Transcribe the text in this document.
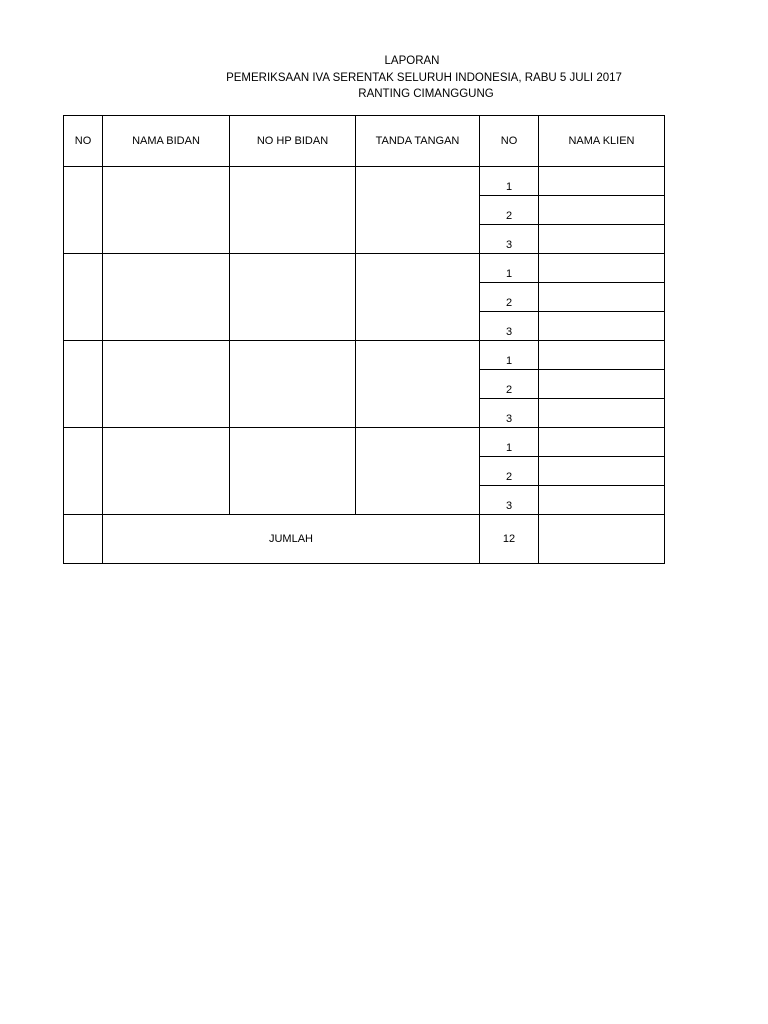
LAPORAN
PEMERIKSAAN IVA SERENTAK SELURUH INDONESIA, RABU 5 JULI 2017
RANTING CIMANGGUNG
NO	NAMA BIDAN	NO HP BIDAN	TANDA TANGAN	NO	NAMA KLIEN
				1	
				2	
				3	
				1	
				2	
				3	
				1	
				2	
				3	
				1	
				2	
				3	
	JUMLAH			12	
